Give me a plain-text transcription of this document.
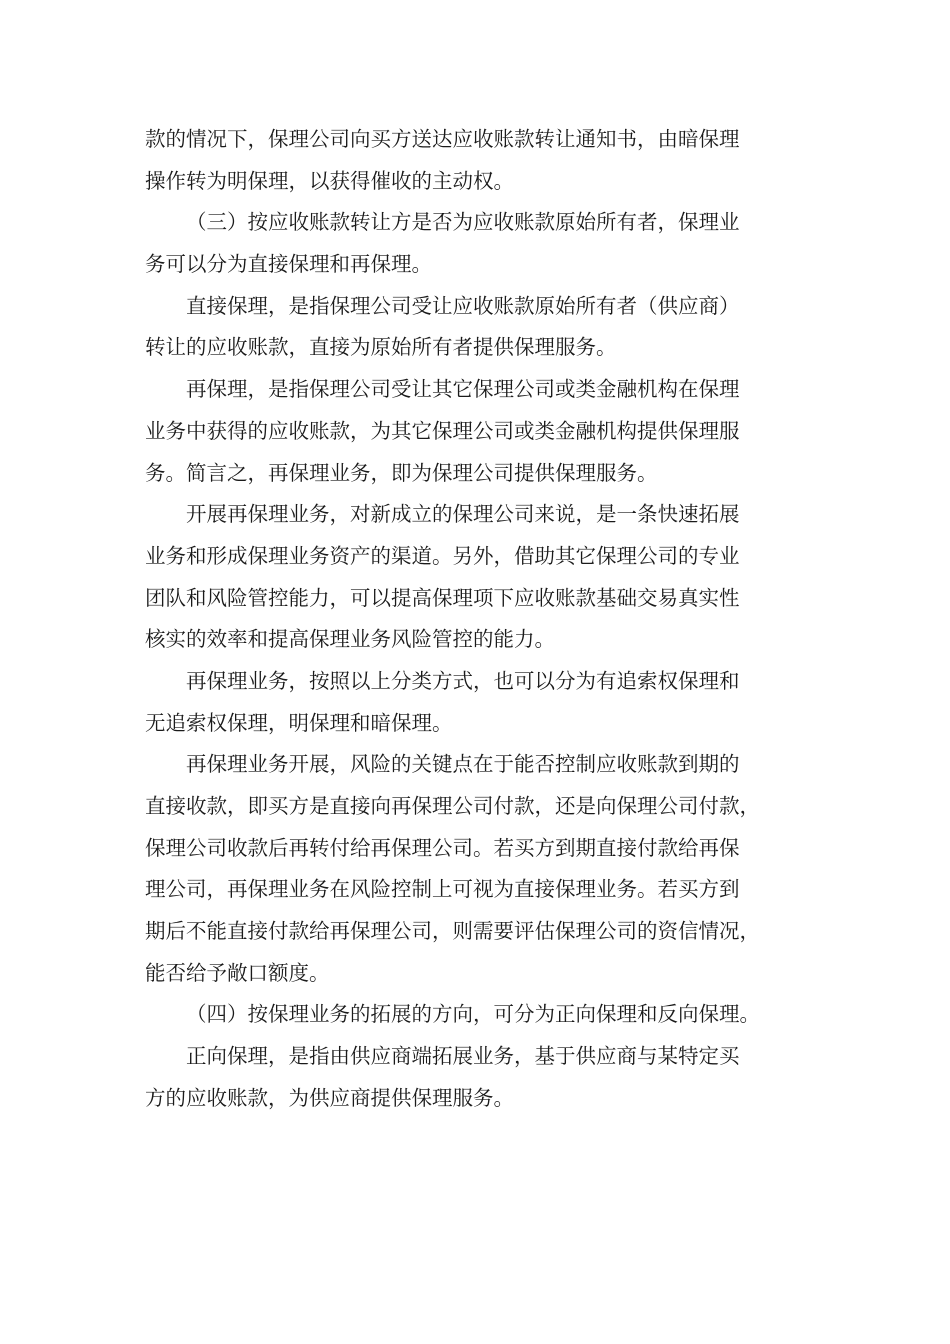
款的情况下，保理公司向买方送达应收账款转让通知书，由暗保理
操作转为明保理，以获得催收的主动权。
（三）按应收账款转让方是否为应收账款原始所有者，保理业
务可以分为直接保理和再保理。
直接保理，是指保理公司受让应收账款原始所有者（供应商）
转让的应收账款，直接为原始所有者提供保理服务。
再保理，是指保理公司受让其它保理公司或类金融机构在保理
业务中获得的应收账款，为其它保理公司或类金融机构提供保理服
务。简言之，再保理业务，即为保理公司提供保理服务。
开展再保理业务，对新成立的保理公司来说，是一条快速拓展
业务和形成保理业务资产的渠道。另外，借助其它保理公司的专业
团队和风险管控能力，可以提高保理项下应收账款基础交易真实性
核实的效率和提高保理业务风险管控的能力。
再保理业务，按照以上分类方式，也可以分为有追索权保理和
无追索权保理，明保理和暗保理。
再保理业务开展，风险的关键点在于能否控制应收账款到期的
直接收款，即买方是直接向再保理公司付款，还是向保理公司付款，
保理公司收款后再转付给再保理公司。若买方到期直接付款给再保
理公司，再保理业务在风险控制上可视为直接保理业务。若买方到
期后不能直接付款给再保理公司，则需要评估保理公司的资信情况，
能否给予敞口额度。
（四）按保理业务的拓展的方向，可分为正向保理和反向保理。
正向保理，是指由供应商端拓展业务，基于供应商与某特定买
方的应收账款，为供应商提供保理服务。
